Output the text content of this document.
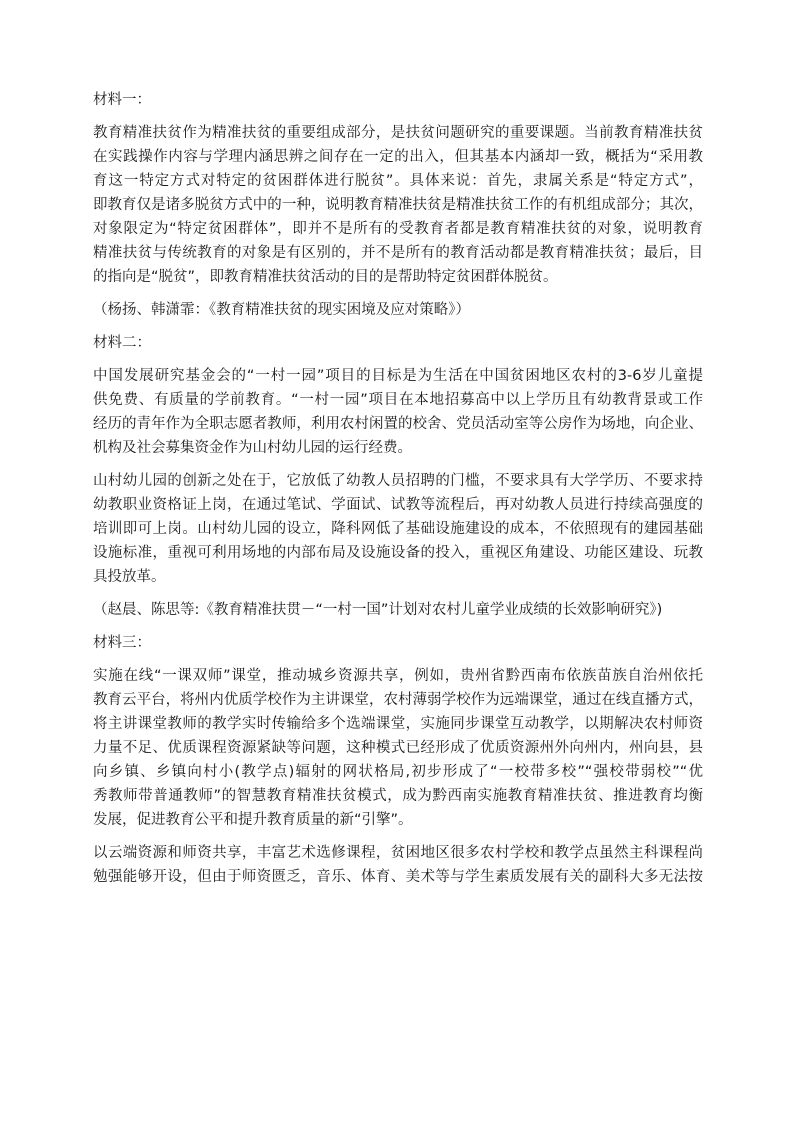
材料一：
教育精准扶贫作为精准扶贫的重要组成部分，是扶贫问题研究的重要课题。当前教育精准扶贫
在实践操作内容与学理内涵思辨之间存在一定的出入，但其基本内涵却一致，概括为“采用教
育这一特定方式对特定的贫困群体进行脱贫”。具体来说：首先，隶属关系是“特定方式”，
即教育仅是诸多脱贫方式中的一种，说明教育精准扶贫是精准扶贫工作的有机组成部分；其次，
对象限定为“特定贫困群体”，即并不是所有的受教育者都是教育精准扶贫的对象，说明教育
精准扶贫与传统教育的对象是有区别的，并不是所有的教育活动都是教育精准扶贫；最后，目
的指向是“脱贫”，即教育精准扶贫活动的目的是帮助特定贫困群体脱贫。
（杨扬、韩潇霏：《教育精准扶贫的现实困境及应对策略》）
材料二：
中国发展研究基金会的“一村一园”项目的目标是为生活在中国贫困地区农村的3-6岁儿童提
供免费、有质量的学前教育。“一村一园”项目在本地招募高中以上学历且有幼教背景或工作
经历的青年作为全职志愿者教师，利用农村闲置的校舍、党员活动室等公房作为场地，向企业、
机构及社会募集资金作为山村幼儿园的运行经费。
山村幼儿园的创新之处在于，它放低了幼教人员招聘的门槛，不要求具有大学学历、不要求持
幼教职业资格证上岗，在通过笔试、学面试、试教等流程后，再对幼教人员进行持续高强度的
培训即可上岗。山村幼儿园的设立，降科网低了基础设施建设的成本，不依照现有的建园基础
设施标准，重视可利用场地的内部布局及设施设备的投入，重视区角建设、功能区建设、玩教
具投放革。
（赵晨、陈思等:《教育精准扶贯－“一村一国”计划对农村儿童学业成绩的长效影响研究》)
材料三：
实施在线“一课双师”课堂，推动城乡资源共享，例如，贵州省黔西南布依族苗族自治州依托
教育云平台，将州内优质学校作为主讲课堂，农村薄弱学校作为远端课堂，通过在线直播方式，
将主讲课堂教师的教学实时传输给多个选端课堂，实施同步课堂互动教学，以期解决农村师资
力量不足、优质课程资源紧缺等问题，这种模式已经形成了优质资源州外向州内，州向县，县
向乡镇、乡镇向村小(教学点)辐射的网状格局,初步形成了“一校带多校”“强校带弱校”“优
秀教师带普通教师”的智慧教育精准扶贫模式，成为黔西南实施教育精准扶贫、推进教育均衡
发展，促进教育公平和提升教育质量的新“引擎”。
以云端资源和师资共享，丰富艺术选修课程，贫困地区很多农村学校和教学点虽然主科课程尚
勉强能够开设，但由于师资匮乏，音乐、体育、美术等与学生素质发展有关的副科大多无法按
